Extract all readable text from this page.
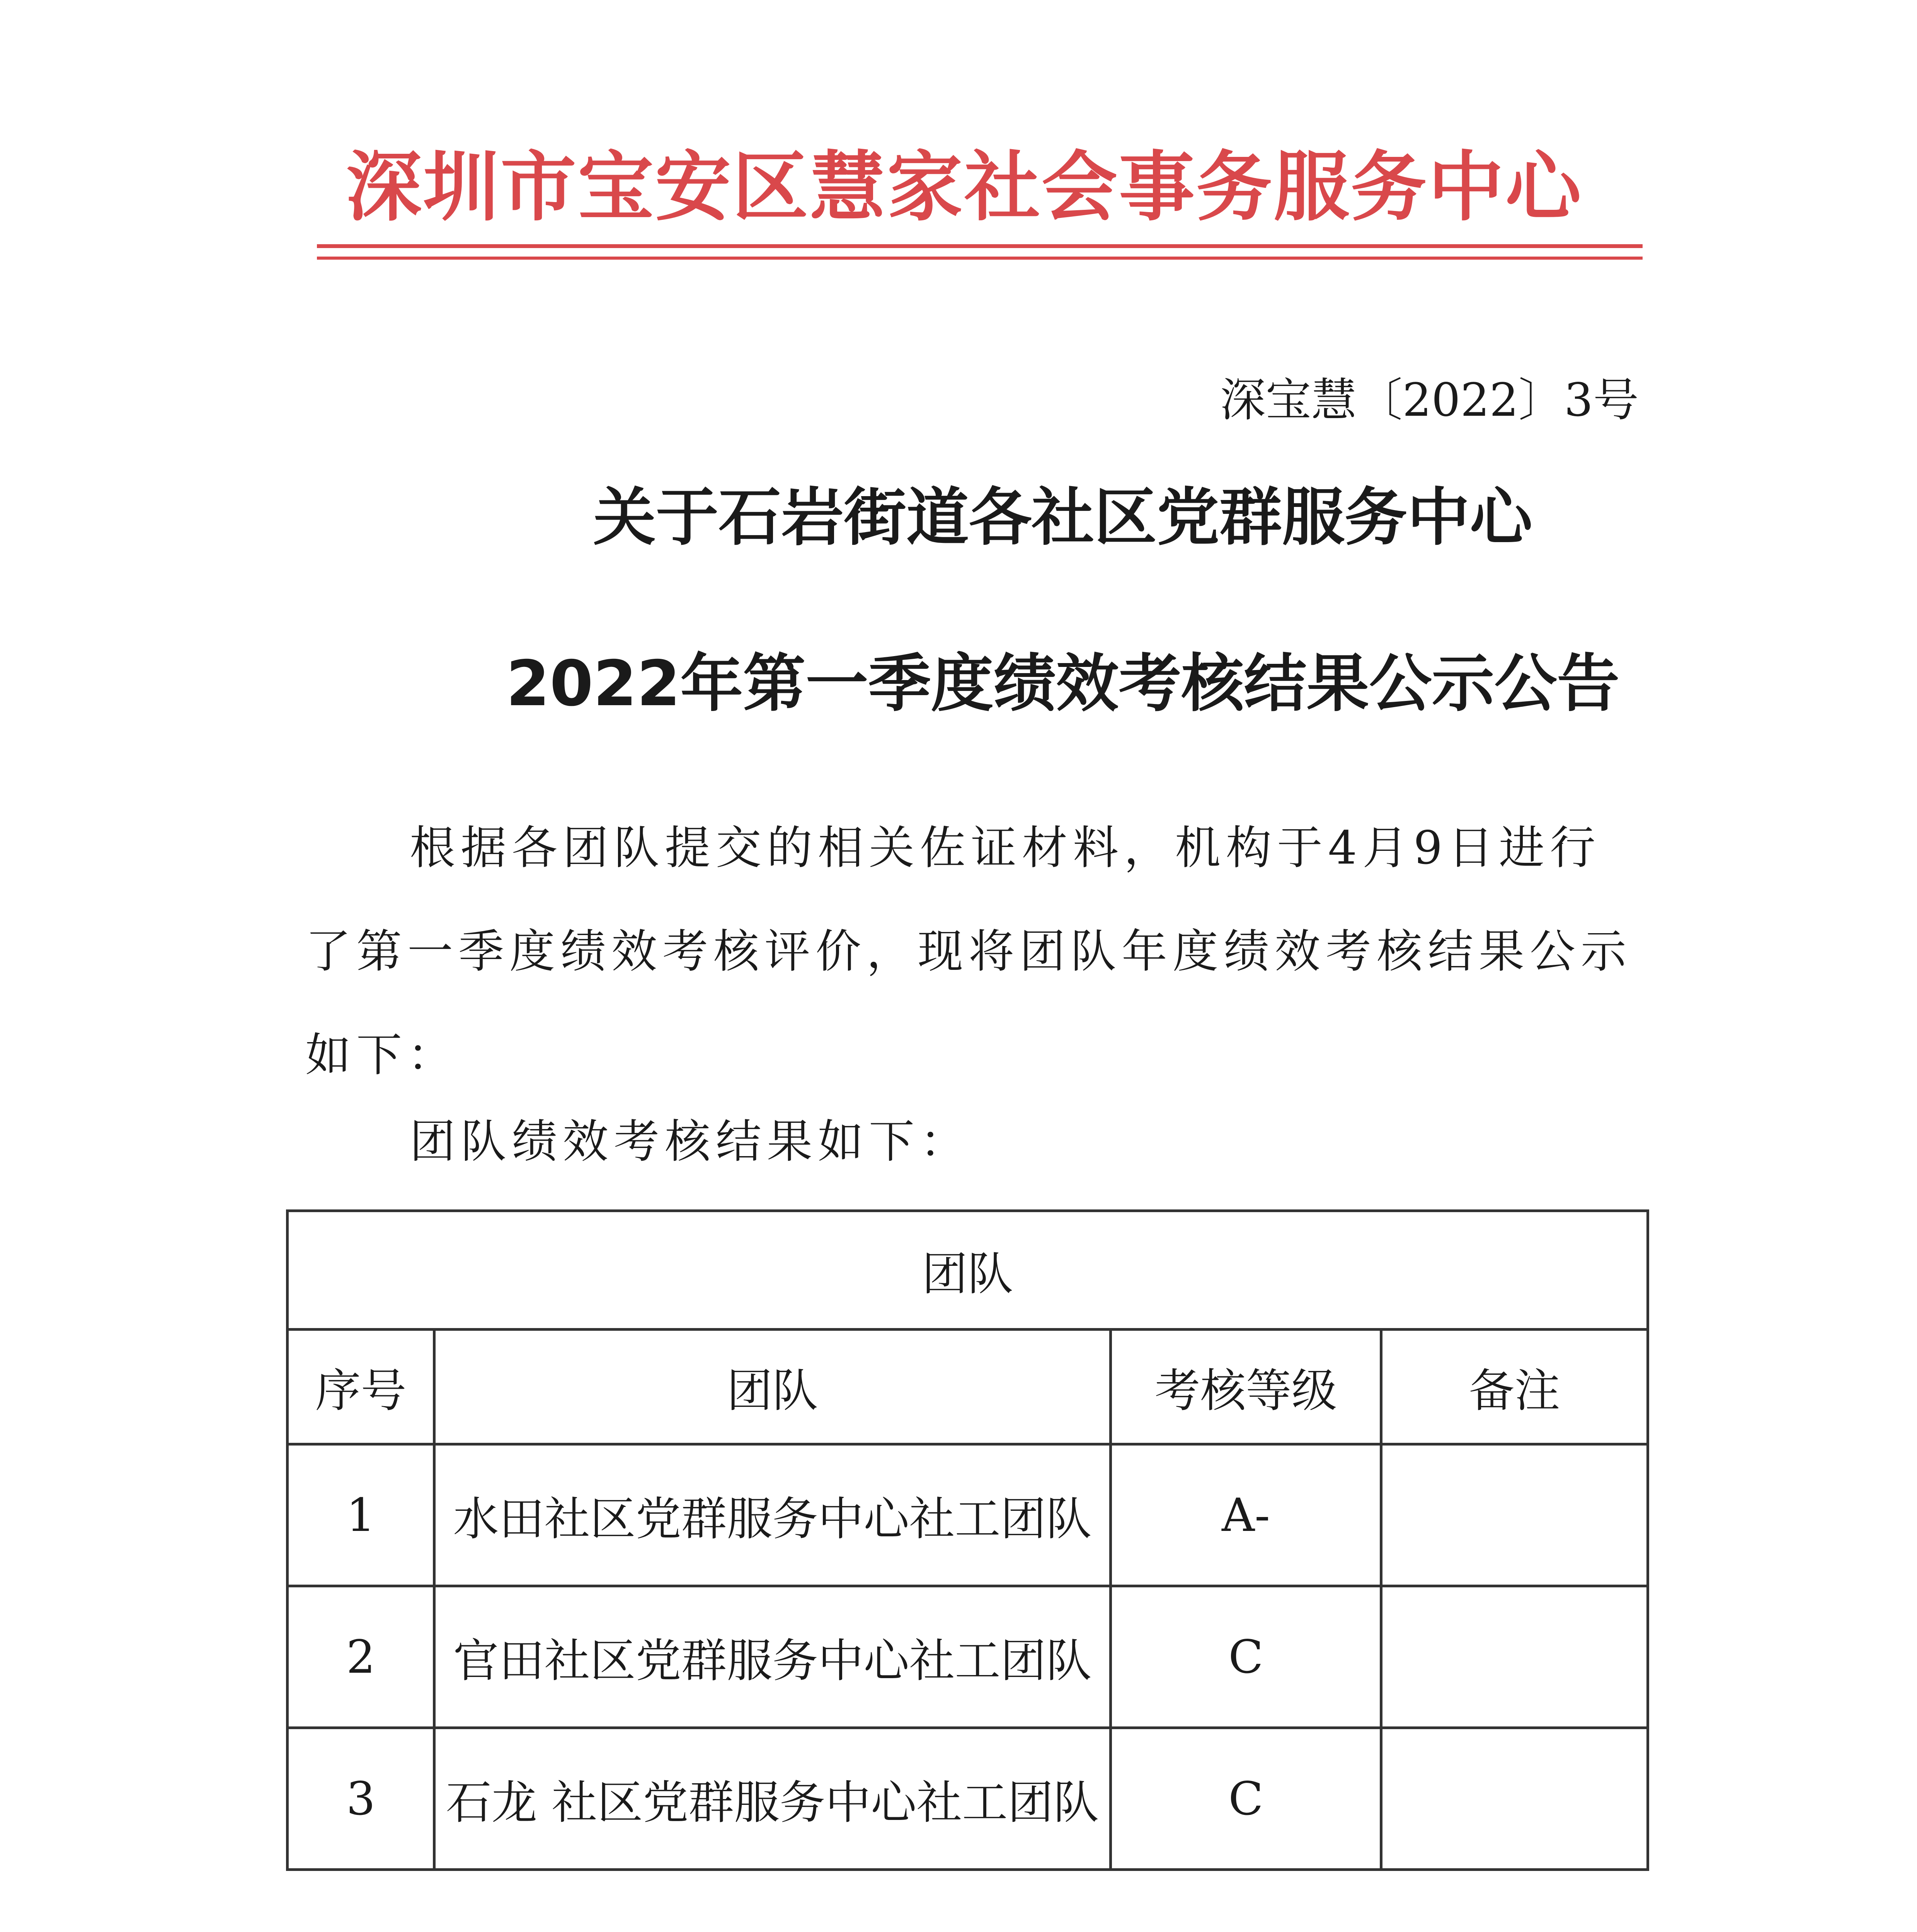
深圳市宝安区慧家社会事务服务中心
深宝慧〔2022〕3号
关于石岩街道各社区党群服务中心
2022年第一季度绩效考核结果公示公告
根据各团队提交的相关佐证材料，机构于4月9日进行了第一季度绩效考核评价，现将团队年度绩效考核结果公示如下：
团队绩效考核结果如下：
团队			
序号	团队	考核等级	备注
1	水田社区党群服务中心社工团队	A-	
2	官田社区党群服务中心社工团队	C	
3	石龙 社区党群服务中心社工团队	C	
